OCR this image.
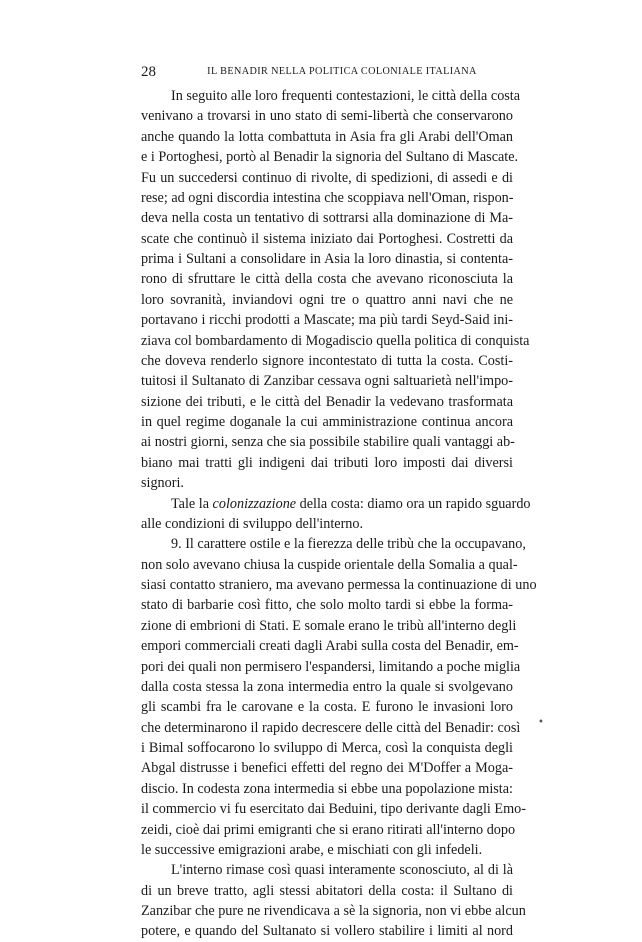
28	IL BENADIR NELLA POLITICA COLONIALE ITALIANA
In seguito alle loro frequenti contestazioni, le città della costa
venivano a trovarsi in uno stato di semi-libertà che conservarono
anche quando la lotta combattuta in Asia fra gli Arabi dell'Oman
e i Portoghesi, portò al Benadir la signoria del Sultano di Mascate.
Fu un succedersi continuo di rivolte, di spedizioni, di assedi e di
rese; ad ogni discordia intestina che scoppiava nell'Oman, rispon-
deva nella costa un tentativo di sottrarsi alla dominazione di Ma-
scate che continuò il sistema iniziato dai Portoghesi. Costretti da
prima i Sultani a consolidare in Asia la loro dinastia, si contenta-
rono di sfruttare le città della costa che avevano riconosciuta la
loro sovranità, inviandovi ogni tre o quattro anni navi che ne
portavano i ricchi prodotti a Mascate; ma più tardi Seyd-Said ini-
ziava col bombardamento di Mogadiscio quella politica di conquista
che doveva renderlo signore incontestato di tutta la costa. Costi-
tuitosi il Sultanato di Zanzibar cessava ogni saltuarietà nell'impo-
sizione dei tributi, e le città del Benadir la vedevano trasformata
in quel regime doganale la cui amministrazione continua ancora
ai nostri giorni, senza che sia possibile stabilire quali vantaggi ab-
biano mai tratti gli indigeni dai tributi loro imposti dai diversi
signori.
Tale la colonizzazione della costa: diamo ora un rapido sguardo
alle condizioni di sviluppo dell'interno.
9. Il carattere ostile e la fierezza delle tribù che la occupavano,
non solo avevano chiusa la cuspide orientale della Somalia a qual-
siasi contatto straniero, ma avevano permessa la continuazione di uno
stato di barbarie così fitto, che solo molto tardi si ebbe la forma-
zione di embrioni di Stati. E somale erano le tribù all'interno degli
empori commerciali creati dagli Arabi sulla costa del Benadir, em-
pori dei quali non permisero l'espandersi, limitando a poche miglia
dalla costa stessa la zona intermedia entro la quale si svolgevano
gli scambi fra le carovane e la costa. E furono le invasioni loro
che determinarono il rapido decrescere delle città del Benadir: così
i Bimal soffocarono lo sviluppo di Merca, così la conquista degli
Abgal distrusse i benefici effetti del regno dei M'Doffer a Moga-
discio. In codesta zona intermedia si ebbe una popolazione mista:
il commercio vi fu esercitato dai Beduini, tipo derivante dagli Emo-
zeidi, cioè dai primi emigranti che si erano ritirati all'interno dopo
le successive emigrazioni arabe, e mischiati con gli infedeli.
L'interno rimase così quasi interamente sconosciuto, al di là
di un breve tratto, agli stessi abitatori della costa: il Sultano di
Zanzibar che pure ne rivendicava a sè la signoria, non vi ebbe alcun
potere, e quando del Sultanato si vollero stabilire i limiti al nord
•
